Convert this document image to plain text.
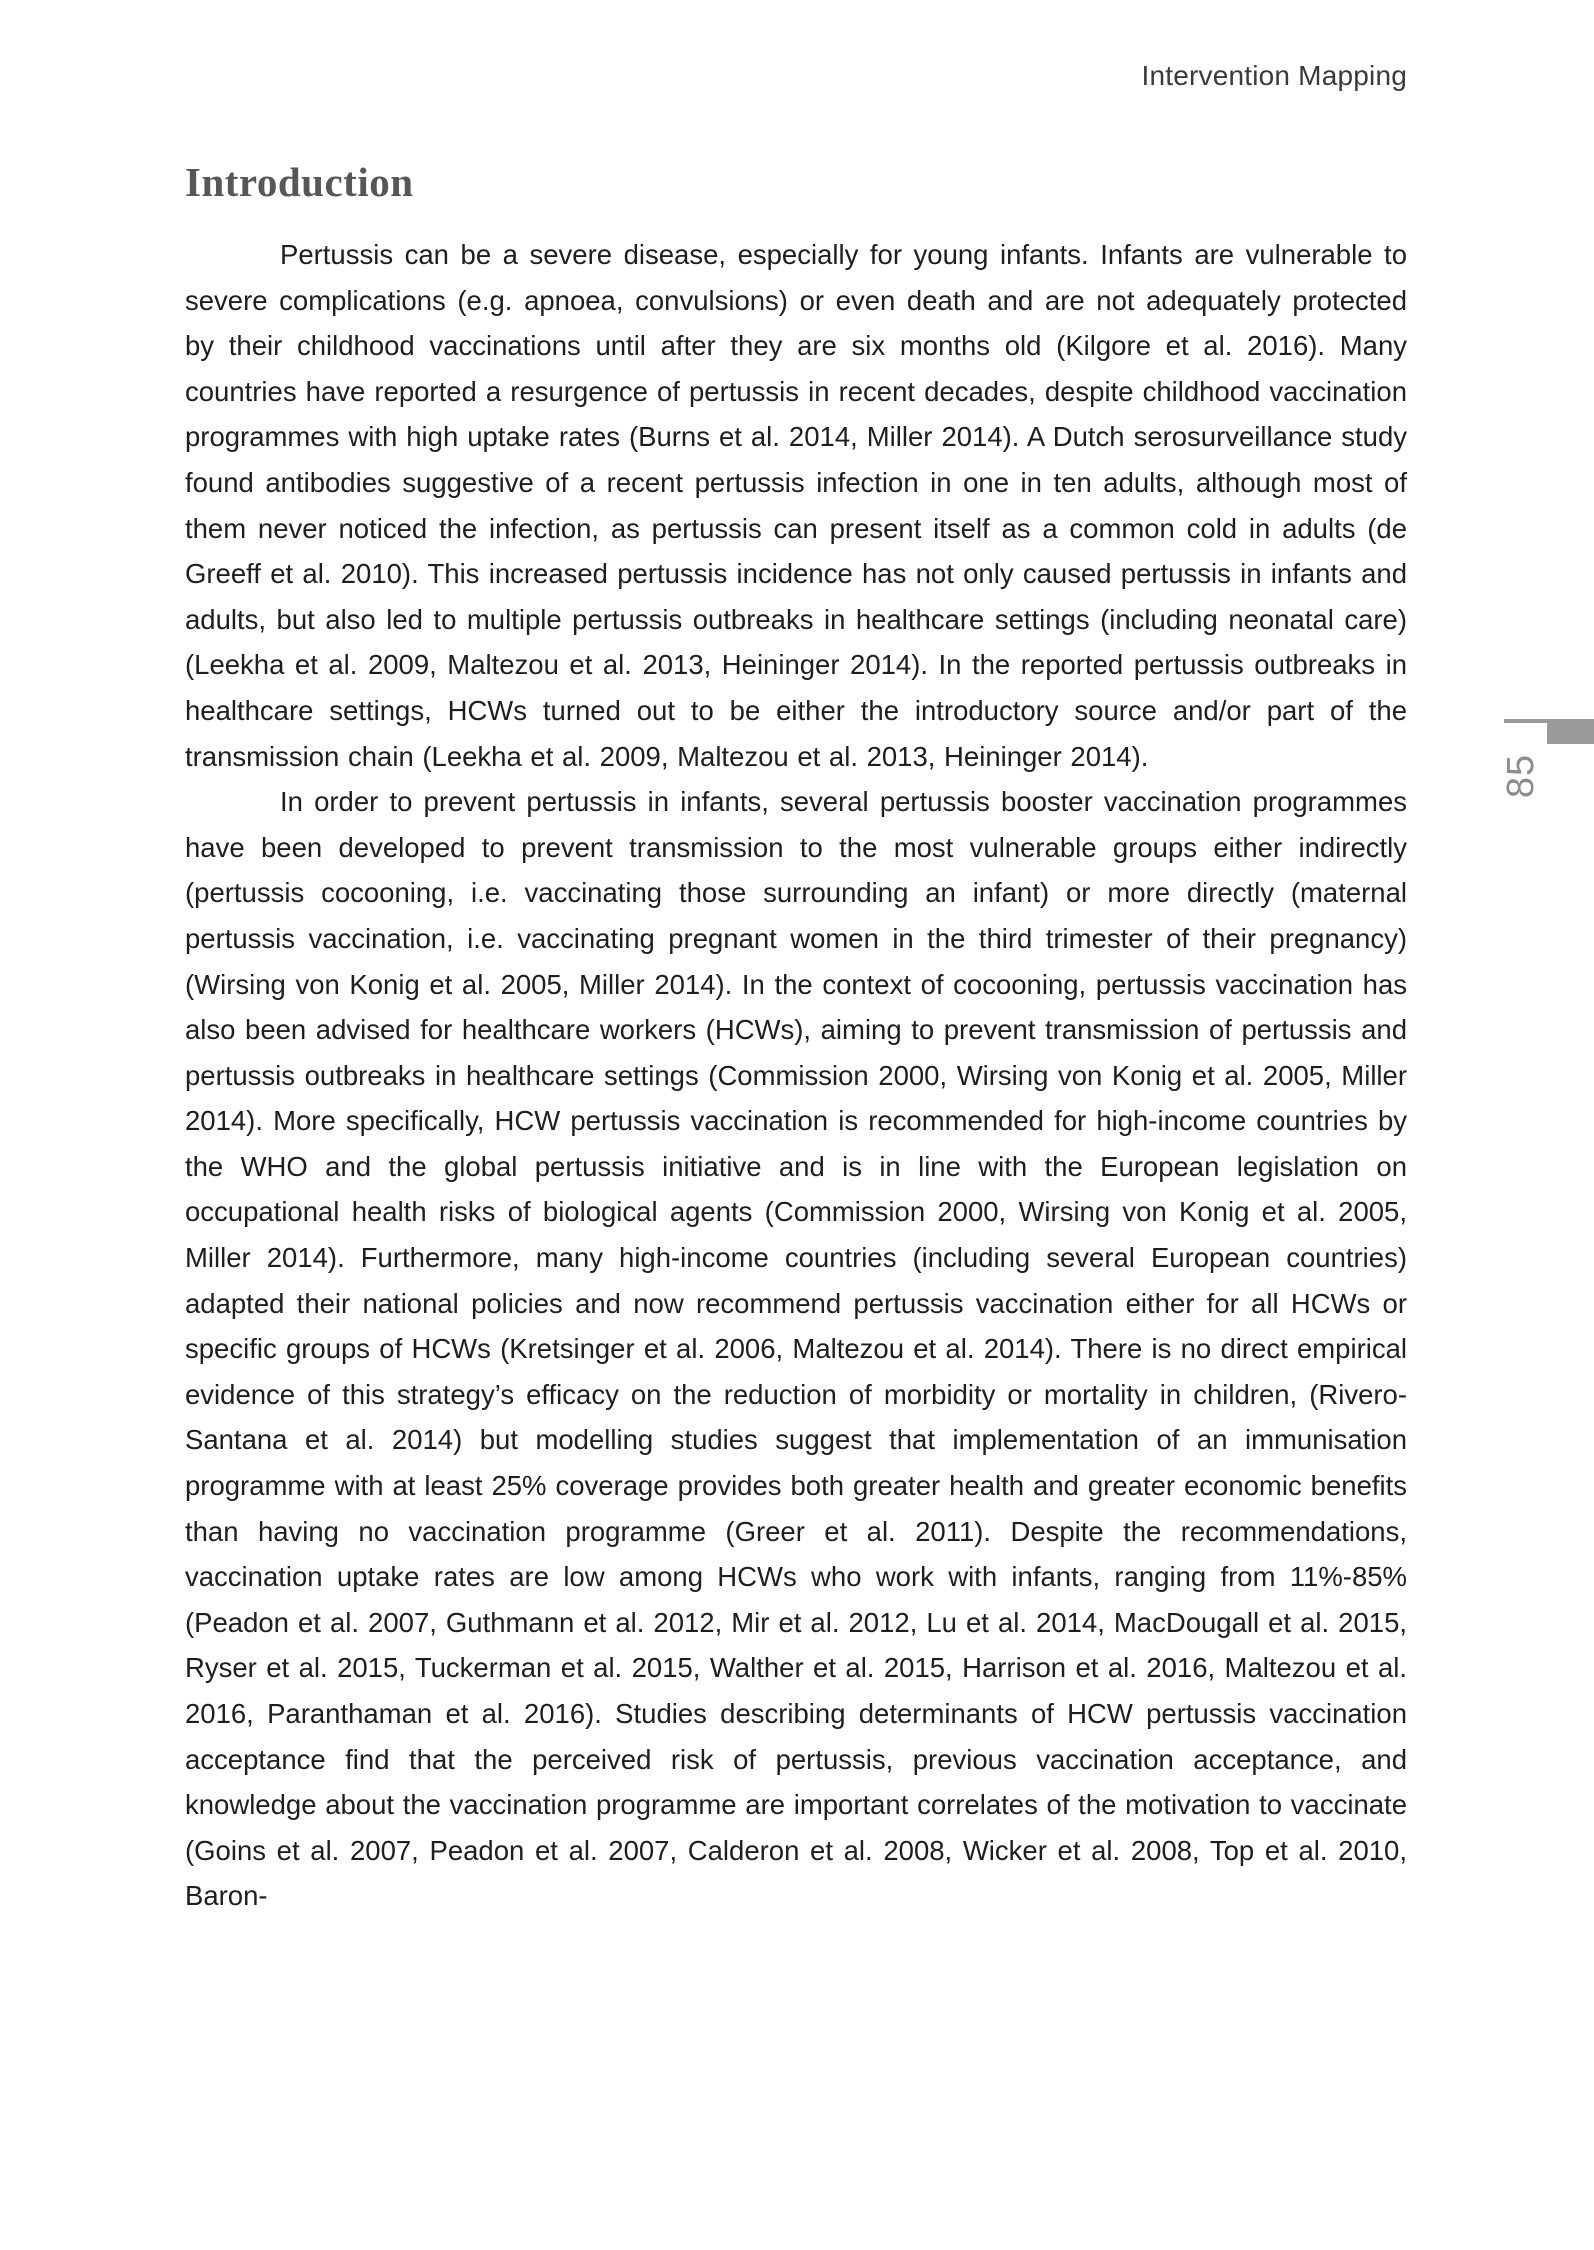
Intervention Mapping
Introduction

Pertussis can be a severe disease, especially for young infants. Infants are vulnerable to severe complications (e.g. apnoea, convulsions) or even death and are not adequately protected by their childhood vaccinations until after they are six months old (Kilgore et al. 2016). Many countries have reported a resurgence of pertussis in recent decades, despite childhood vaccination programmes with high uptake rates (Burns et al. 2014, Miller 2014). A Dutch serosurveillance study found antibodies suggestive of a recent pertussis infection in one in ten adults, although most of them never noticed the infection, as pertussis can present itself as a common cold in adults (de Greeff et al. 2010). This increased pertussis incidence has not only caused pertussis in infants and adults, but also led to multiple pertussis outbreaks in healthcare settings (including neonatal care) (Leekha et al. 2009, Maltezou et al. 2013, Heininger 2014). In the reported pertussis outbreaks in healthcare settings, HCWs turned out to be either the introductory source and/or part of the transmission chain (Leekha et al. 2009, Maltezou et al. 2013, Heininger 2014).

In order to prevent pertussis in infants, several pertussis booster vaccination programmes have been developed to prevent transmission to the most vulnerable groups either indirectly (pertussis cocooning, i.e. vaccinating those surrounding an infant) or more directly (maternal pertussis vaccination, i.e. vaccinating pregnant women in the third trimester of their pregnancy) (Wirsing von Konig et al. 2005, Miller 2014). In the context of cocooning, pertussis vaccination has also been advised for healthcare workers (HCWs), aiming to prevent transmission of pertussis and pertussis outbreaks in healthcare settings (Commission 2000, Wirsing von Konig et al. 2005, Miller 2014). More specifically, HCW pertussis vaccination is recommended for high-income countries by the WHO and the global pertussis initiative and is in line with the European legislation on occupational health risks of biological agents (Commission 2000, Wirsing von Konig et al. 2005, Miller 2014). Furthermore, many high-income countries (including several European countries) adapted their national policies and now recommend pertussis vaccination either for all HCWs or specific groups of HCWs (Kretsinger et al. 2006, Maltezou et al. 2014). There is no direct empirical evidence of this strategy’s efficacy on the reduction of morbidity or mortality in children, (Rivero-Santana et al. 2014) but modelling studies suggest that implementation of an immunisation programme with at least 25% coverage provides both greater health and greater economic benefits than having no vaccination programme (Greer et al. 2011). Despite the recommendations, vaccination uptake rates are low among HCWs who work with infants, ranging from 11%-85% (Peadon et al. 2007, Guthmann et al. 2012, Mir et al. 2012, Lu et al. 2014, MacDougall et al. 2015, Ryser et al. 2015, Tuckerman et al. 2015, Walther et al. 2015, Harrison et al. 2016, Maltezou et al. 2016, Paranthaman et al. 2016). Studies describing determinants of HCW pertussis vaccination acceptance find that the perceived risk of pertussis, previous vaccination acceptance, and knowledge about the vaccination programme are important correlates of the motivation to vaccinate (Goins et al. 2007, Peadon et al. 2007, Calderon et al. 2008, Wicker et al. 2008, Top et al. 2010, Baron-

85
